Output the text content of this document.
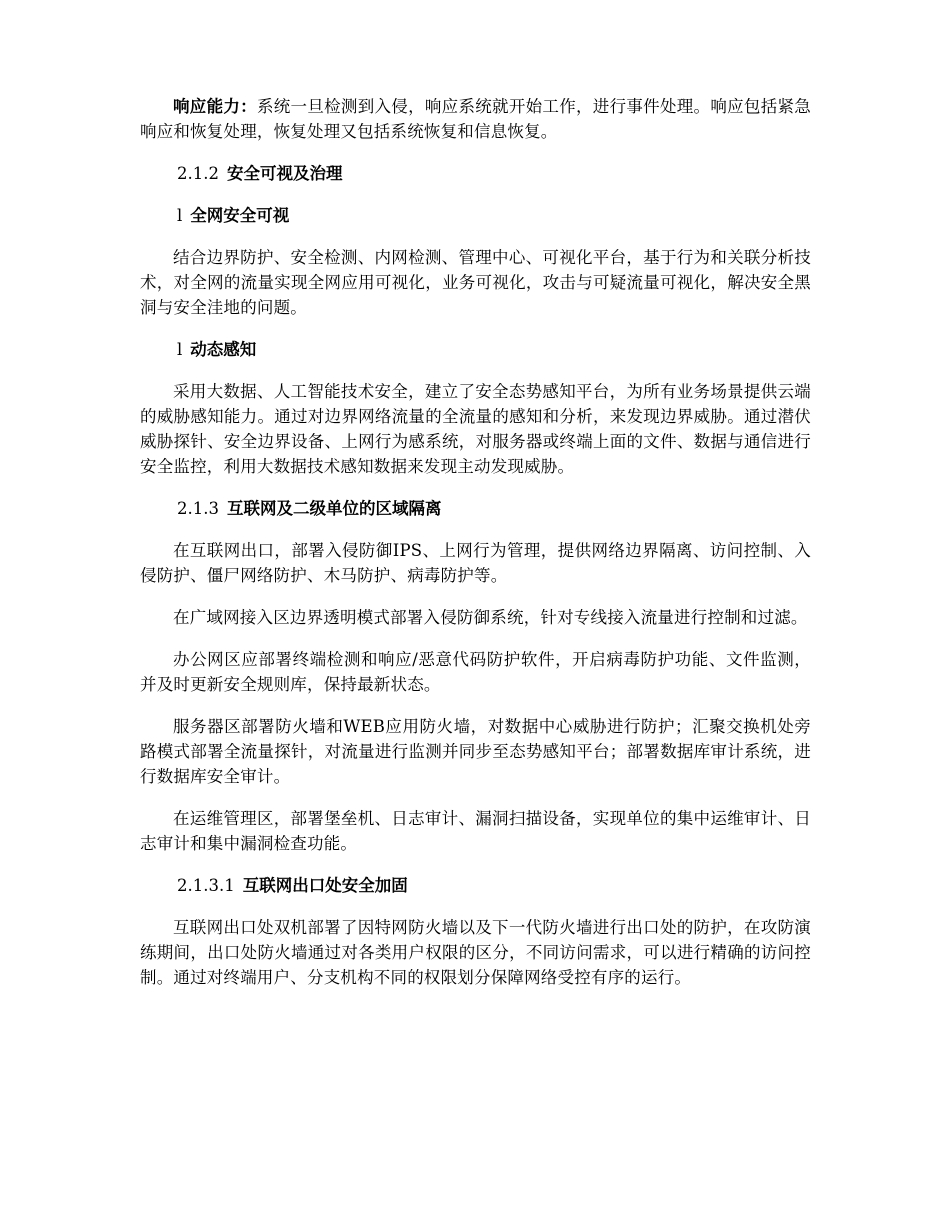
响应能力：系统一旦检测到入侵，响应系统就开始工作，进行事件处理。响应包括紧急响应和恢复处理，恢复处理又包括系统恢复和信息恢复。

2.1.2 安全可视及治理
l 全网安全可视

结合边界防护、安全检测、内网检测、管理中心、可视化平台，基于行为和关联分析技术，对全网的流量实现全网应用可视化，业务可视化，攻击与可疑流量可视化，解决安全黑洞与安全洼地的问题。

l 动态感知

采用大数据、人工智能技术安全，建立了安全态势感知平台，为所有业务场景提供云端的威胁感知能力。通过对边界网络流量的全流量的感知和分析，来发现边界威胁。通过潜伏威胁探针、安全边界设备、上网行为感系统，对服务器或终端上面的文件、数据与通信进行安全监控，利用大数据技术感知数据来发现主动发现威胁。

2.1.3 互联网及二级单位的区域隔离

在互联网出口，部署入侵防御IPS、上网行为管理，提供网络边界隔离、访问控制、入侵防护、僵尸网络防护、木马防护、病毒防护等。

在广域网接入区边界透明模式部署入侵防御系统，针对专线接入流量进行控制和过滤。

办公网区应部署终端检测和响应/恶意代码防护软件，开启病毒防护功能、文件监测，并及时更新安全规则库，保持最新状态。

服务器区部署防火墙和WEB应用防火墙，对数据中心威胁进行防护；汇聚交换机处旁路模式部署全流量探针，对流量进行监测并同步至态势感知平台；部署数据库审计系统，进行数据库安全审计。

在运维管理区，部署堡垒机、日志审计、漏洞扫描设备，实现单位的集中运维审计、日志审计和集中漏洞检查功能。

2.1.3.1 互联网出口处安全加固

互联网出口处双机部署了因特网防火墙以及下一代防火墙进行出口处的防护，在攻防演练期间，出口处防火墙通过对各类用户权限的区分，不同访问需求，可以进行精确的访问控制。通过对终端用户、分支机构不同的权限划分保障网络受控有序的运行。
